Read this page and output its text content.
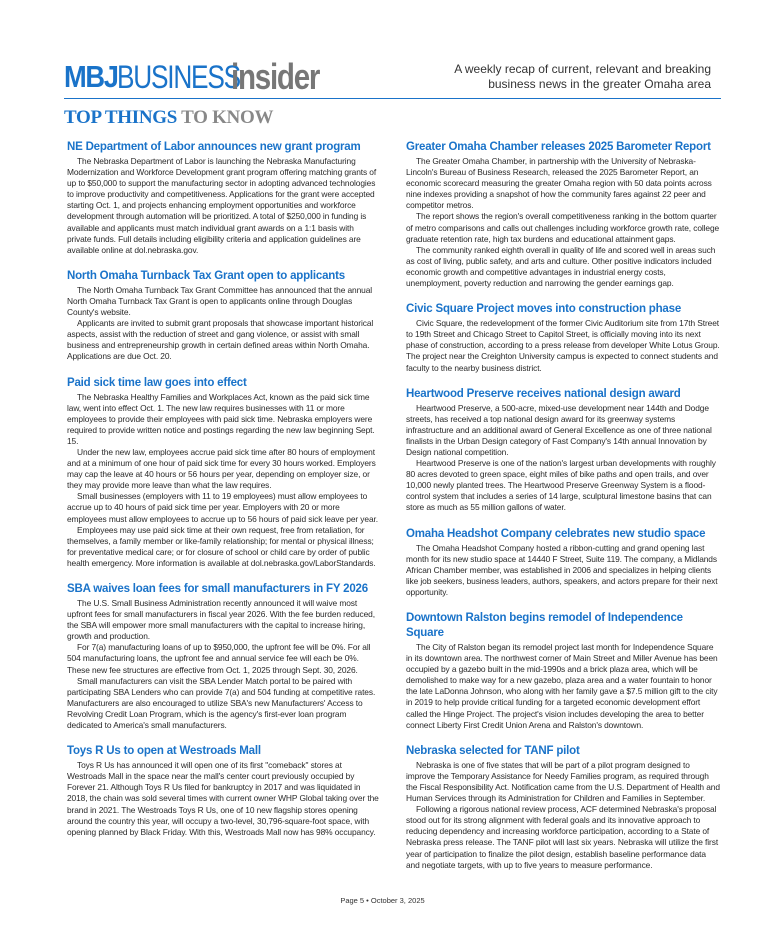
MBJ BUSINESS
insider	A weekly recap of current, relevant and breaking business news in the greater Omaha area
TOP THINGS TO KNOW
NE Department of Labor announces new grant program

The Nebraska Department of Labor is launching the Nebraska Manufacturing Modernization and Workforce Development grant program offering matching grants of up to $50,000 to support the manufacturing sector in adopting advanced technologies to improve productivity and competitiveness. Applications for the grant were accepted starting Oct. 1, and projects enhancing employment opportunities and workforce development through automation will be prioritized. A total of $250,000 in funding is available and applicants must match individual grant awards on a 1:1 basis with private funds. Full details including eligibility criteria and application guidelines are available online at dol.nebraska.gov.

North Omaha Turnback Tax Grant open to applicants

The North Omaha Turnback Tax Grant Committee has announced that the annual North Omaha Turnback Tax Grant is open to applicants online through Douglas County's website.

Applicants are invited to submit grant proposals that showcase important historical aspects, assist with the reduction of street and gang violence, or assist with small business and entrepreneurship growth in certain defined areas within North Omaha. Applications are due Oct. 20.

Paid sick time law goes into effect

The Nebraska Healthy Families and Workplaces Act, known as the paid sick time law, went into effect Oct. 1. The new law requires businesses with 11 or more employees to provide their employees with paid sick time. Nebraska employers were required to provide written notice and postings regarding the new law beginning Sept. 15.

Under the new law, employees accrue paid sick time after 80 hours of employment and at a minimum of one hour of paid sick time for every 30 hours worked. Employers may cap the leave at 40 hours or 56 hours per year, depending on employer size, or they may provide more leave than what the law requires.

Small businesses (employers with 11 to 19 employees) must allow employees to accrue up to 40 hours of paid sick time per year. Employers with 20 or more employees must allow employees to accrue up to 56 hours of paid sick leave per year.

Employees may use paid sick time at their own request, free from retaliation, for themselves, a family member or like-family relationship; for mental or physical illness; for preventative medical care; or for closure of school or child care by order of public health emergency. More information is available at dol.nebraska.gov/LaborStandards.

SBA waives loan fees for small manufacturers in FY 2026

The U.S. Small Business Administration recently announced it will waive most upfront fees for small manufacturers in fiscal year 2026. With the fee burden reduced, the SBA will empower more small manufacturers with the capital to increase hiring, growth and production.

For 7(a) manufacturing loans of up to $950,000, the upfront fee will be 0%. For all 504 manufacturing loans, the upfront fee and annual service fee will each be 0%. These new fee structures are effective from Oct. 1, 2025 through Sept. 30, 2026.

Small manufacturers can visit the SBA Lender Match portal to be paired with participating SBA Lenders who can provide 7(a) and 504 funding at competitive rates. Manufacturers are also encouraged to utilize SBA's new Manufacturers' Access to Revolving Credit Loan Program, which is the agency's first-ever loan program dedicated to America's small manufacturers.

Toys R Us to open at Westroads Mall

Toys R Us has announced it will open one of its first "comeback" stores at Westroads Mall in the space near the mall's center court previously occupied by Forever 21. Although Toys R Us filed for bankruptcy in 2017 and was liquidated in 2018, the chain was sold several times with current owner WHP Global taking over the brand in 2021. The Westroads Toys R Us, one of 10 new flagship stores opening around the country this year, will occupy a two-level, 30,796-square-foot space, with opening planned by Black Friday. With this, Westroads Mall now has 98% occupancy.

Greater Omaha Chamber releases 2025 Barometer Report

The Greater Omaha Chamber, in partnership with the University of Nebraska-Lincoln's Bureau of Business Research, released the 2025 Barometer Report, an economic scorecard measuring the greater Omaha region with 50 data points across nine indexes providing a snapshot of how the community fares against 22 peer and competitor metros.

The report shows the region's overall competitiveness ranking in the bottom quarter of metro comparisons and calls out challenges including workforce growth rate, college graduate retention rate, high tax burdens and educational attainment gaps.

The community ranked eighth overall in quality of life and scored well in areas such as cost of living, public safety, and arts and culture. Other positive indicators included economic growth and competitive advantages in industrial energy costs, unemployment, poverty reduction and narrowing the gender earnings gap.

Civic Square Project moves into construction phase

Civic Square, the redevelopment of the former Civic Auditorium site from 17th Street to 19th Street and Chicago Street to Capitol Street, is officially moving into its next phase of construction, according to a press release from developer White Lotus Group. The project near the Creighton University campus is expected to connect students and faculty to the nearby business district.

Heartwood Preserve receives national design award

Heartwood Preserve, a 500-acre, mixed-use development near 144th and Dodge streets, has received a top national design award for its greenway systems infrastructure and an additional award of General Excellence as one of three national finalists in the Urban Design category of Fast Company's 14th annual Innovation by Design national competition.

Heartwood Preserve is one of the nation's largest urban developments with roughly 80 acres devoted to green space, eight miles of bike paths and open trails, and over 10,000 newly planted trees. The Heartwood Preserve Greenway System is a flood-control system that includes a series of 14 large, sculptural limestone basins that can store as much as 55 million gallons of water.

Omaha Headshot Company celebrates new studio space

The Omaha Headshot Company hosted a ribbon-cutting and grand opening last month for its new studio space at 14440 F Street, Suite 119. The company, a Midlands African Chamber member, was established in 2006 and specializes in helping clients like job seekers, business leaders, authors, speakers, and actors prepare for their next opportunity.

Downtown Ralston begins remodel of Independence Square

The City of Ralston began its remodel project last month for Independence Square in its downtown area. The northwest corner of Main Street and Miller Avenue has been occupied by a gazebo built in the mid-1990s and a brick plaza area, which will be demolished to make way for a new gazebo, plaza area and a water fountain to honor the late LaDonna Johnson, who along with her family gave a $7.5 million gift to the city in 2019 to help provide critical funding for a targeted economic development effort called the Hinge Project. The project's vision includes developing the area to better connect Liberty First Credit Union Arena and Ralston's downtown.

Nebraska selected for TANF pilot

Nebraska is one of five states that will be part of a pilot program designed to improve the Temporary Assistance for Needy Families program, as required through the Fiscal Responsibility Act. Notification came from the U.S. Department of Health and Human Services through its Administration for Children and Families in September.

Following a rigorous national review process, ACF determined Nebraska's proposal stood out for its strong alignment with federal goals and its innovative approach to reducing dependency and increasing workforce participation, according to a State of Nebraska press release. The TANF pilot will last six years. Nebraska will utilize the first year of participation to finalize the pilot design, establish baseline performance data and negotiate targets, with up to five years to measure performance.

Page 5 • October 3, 2025
